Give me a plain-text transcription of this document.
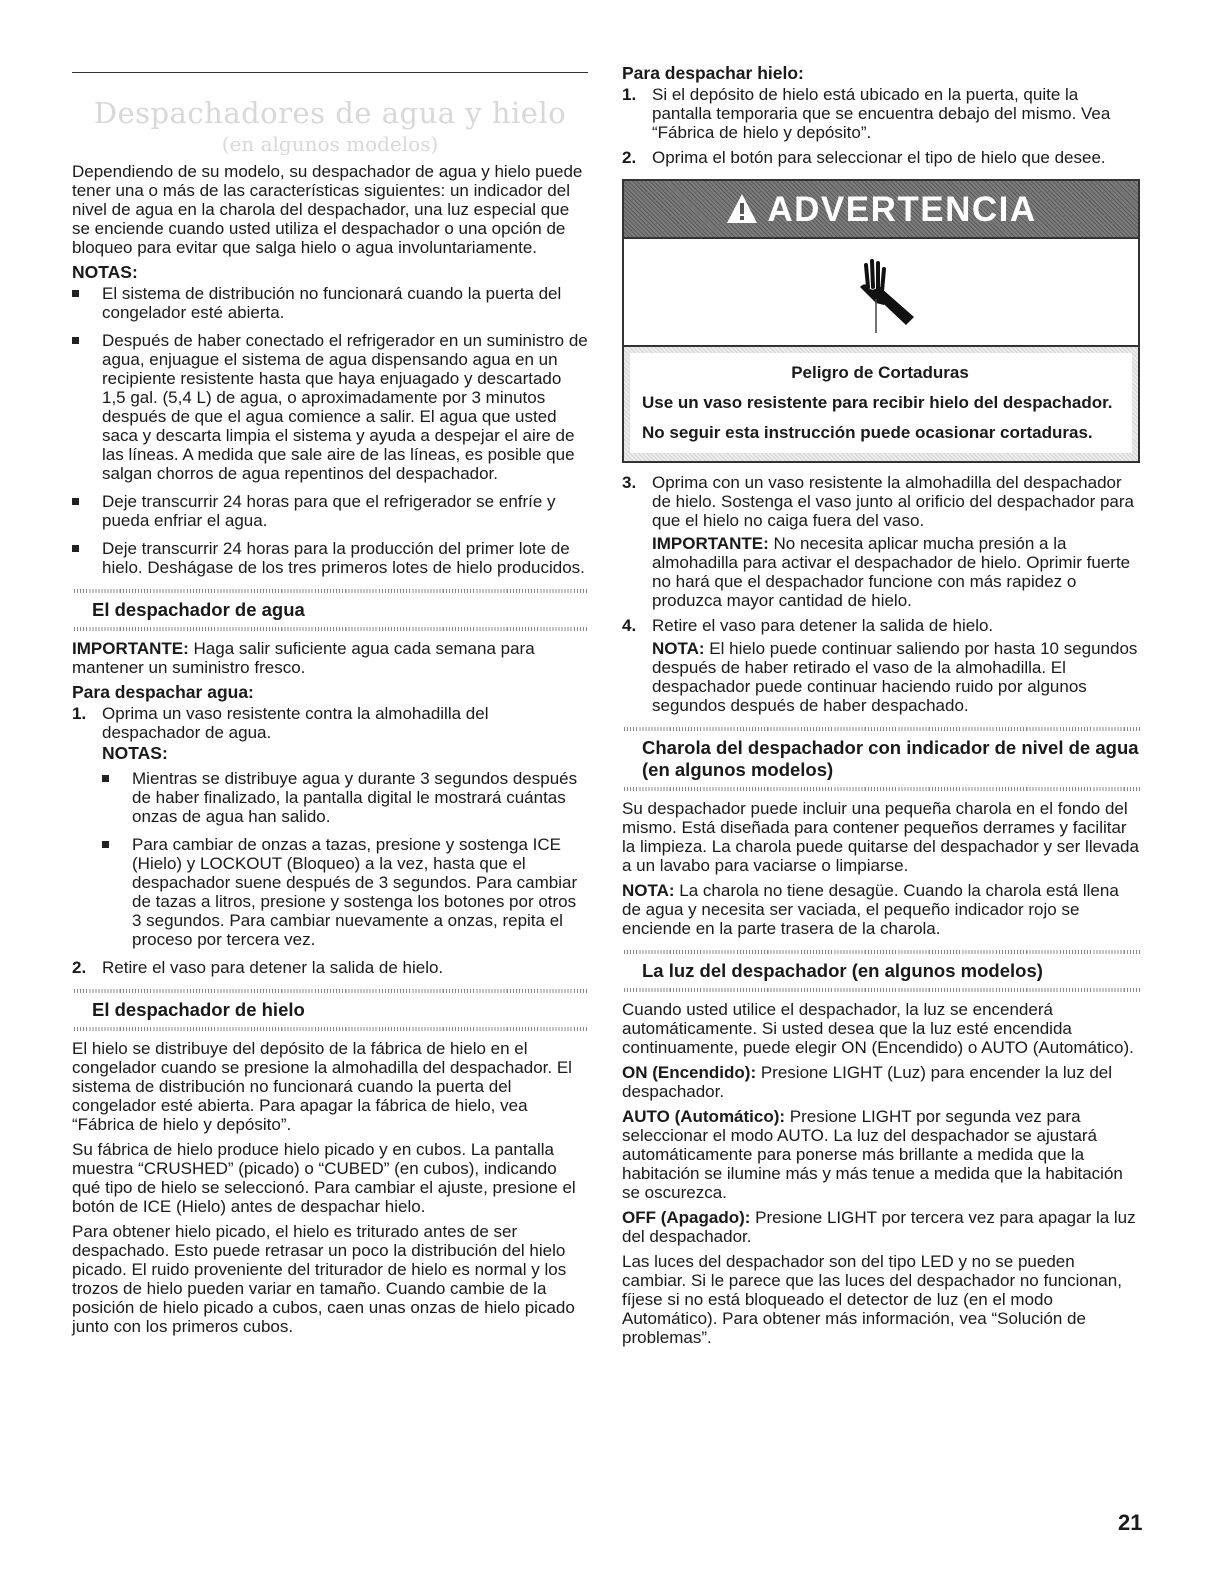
Despachadores de agua y hielo
(en algunos modelos)

Dependiendo de su modelo, su despachador de agua y hielo puede tener una o más de las características siguientes: un indicador del nivel de agua en la charola del despachador, una luz especial que se enciende cuando usted utiliza el despachador o una opción de bloqueo para evitar que salga hielo o agua involuntariamente.

NOTAS:
El sistema de distribución no funcionará cuando la puerta del congelador esté abierta.
Después de haber conectado el refrigerador en un suministro de agua, enjuague el sistema de agua dispensando agua en un recipiente resistente hasta que haya enjuagado y descartado 1,5 gal. (5,4 L) de agua, o aproximadamente por 3 minutos después de que el agua comience a salir. El agua que usted saca y descarta limpia el sistema y ayuda a despejar el aire de las líneas. A medida que sale aire de las líneas, es posible que salgan chorros de agua repentinos del despachador.
Deje transcurrir 24 horas para que el refrigerador se enfríe y pueda enfriar el agua.
Deje transcurrir 24 horas para la producción del primer lote de hielo. Deshágase de los tres primeros lotes de hielo producidos.
El despachador de agua

IMPORTANTE: Haga salir suficiente agua cada semana para mantener un suministro fresco.

Para despachar agua:
1. Oprima un vaso resistente contra la almohadilla del despachador de agua.
NOTAS:
Mientras se distribuye agua y durante 3 segundos después de haber finalizado, la pantalla digital le mostrará cuántas onzas de agua han salido.
Para cambiar de onzas a tazas, presione y sostenga ICE (Hielo) y LOCKOUT (Bloqueo) a la vez, hasta que el despachador suene después de 3 segundos. Para cambiar de tazas a litros, presione y sostenga los botones por otros 3 segundos. Para cambiar nuevamente a onzas, repita el proceso por tercera vez.
2. Retire el vaso para detener la salida de hielo.
El despachador de hielo

El hielo se distribuye del depósito de la fábrica de hielo en el congelador cuando se presione la almohadilla del despachador. El sistema de distribución no funcionará cuando la puerta del congelador esté abierta. Para apagar la fábrica de hielo, vea “Fábrica de hielo y depósito”.

Su fábrica de hielo produce hielo picado y en cubos. La pantalla muestra “CRUSHED” (picado) o “CUBED” (en cubos), indicando qué tipo de hielo se seleccionó. Para cambiar el ajuste, presione el botón de ICE (Hielo) antes de despachar hielo.

Para obtener hielo picado, el hielo es triturado antes de ser despachado. Esto puede retrasar un poco la distribución del hielo picado. El ruido proveniente del triturador de hielo es normal y los trozos de hielo pueden variar en tamaño. Cuando cambie de la posición de hielo picado a cubos, caen unas onzas de hielo picado junto con los primeros cubos.

Para despachar hielo:
1. Si el depósito de hielo está ubicado en la puerta, quite la pantalla temporaria que se encuentra debajo del mismo. Vea “Fábrica de hielo y depósito”.
2. Oprima el botón para seleccionar el tipo de hielo que desee.
ADVERTENCIA
Peligro de Cortaduras

Use un vaso resistente para recibir hielo del despachador.

No seguir esta instrucción puede ocasionar cortaduras.

3. Oprima con un vaso resistente la almohadilla del despachador de hielo. Sostenga el vaso junto al orificio del despachador para que el hielo no caiga fuera del vaso.
IMPORTANTE: No necesita aplicar mucha presión a la almohadilla para activar el despachador de hielo. Oprimir fuerte no hará que el despachador funcione con más rapidez o produzca mayor cantidad de hielo.
4. Retire el vaso para detener la salida de hielo.
NOTA: El hielo puede continuar saliendo por hasta 10 segundos después de haber retirado el vaso de la almohadilla. El despachador puede continuar haciendo ruido por algunos segundos después de haber despachado.
Charola del despachador con indicador de nivel de agua (en algunos modelos)

Su despachador puede incluir una pequeña charola en el fondo del mismo. Está diseñada para contener pequeños derrames y facilitar la limpieza. La charola puede quitarse del despachador y ser llevada a un lavabo para vaciarse o limpiarse.

NOTA: La charola no tiene desagüe. Cuando la charola está llena de agua y necesita ser vaciada, el pequeño indicador rojo se enciende en la parte trasera de la charola.

La luz del despachador (en algunos modelos)

Cuando usted utilice el despachador, la luz se encenderá automáticamente. Si usted desea que la luz esté encendida continuamente, puede elegir ON (Encendido) o AUTO (Automático).

ON (Encendido): Presione LIGHT (Luz) para encender la luz del despachador.

AUTO (Automático): Presione LIGHT por segunda vez para seleccionar el modo AUTO. La luz del despachador se ajustará automáticamente para ponerse más brillante a medida que la habitación se ilumine más y más tenue a medida que la habitación se oscurezca.

OFF (Apagado): Presione LIGHT por tercera vez para apagar la luz del despachador.

Las luces del despachador son del tipo LED y no se pueden cambiar. Si le parece que las luces del despachador no funcionan, fíjese si no está bloqueado el detector de luz (en el modo Automático). Para obtener más información, vea “Solución de problemas”.

21
